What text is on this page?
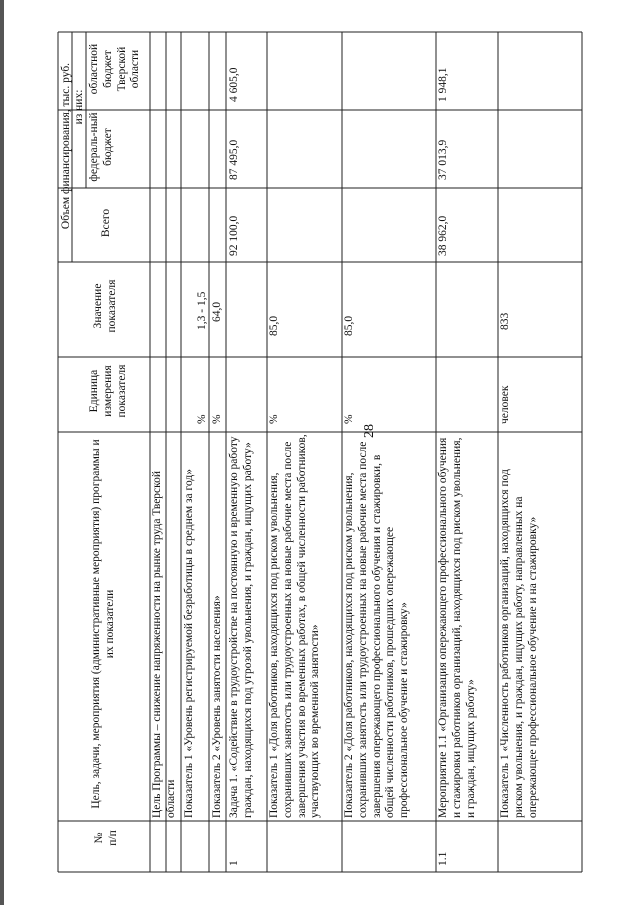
28
№
п/п
Цель, задачи, мероприятия (административные мероприятия) программы и их показатели
Единица измерения показателя
Значение показателя
Объем финансирования, тыс. руб. Всего
из них:
федераль-ный бюджет
областной бюджет Тверской области
Цель Программы – снижение напряженности на рынке труда Тверской области Показатель 1 «Уровень регистрируемой безработицы в среднем за год»
%
1,3 - 1,5
Показатель 2 «Уровень занятости населения»
%
64,0
1
Задача 1. «Содействие в трудоустройстве на постоянную и временную работу граждан, находящихся под угрозой увольнения, и граждан, ищущих работу»
92 100,0
87 495,0
4 605,0
Показатель 1 «Доля работников, находящихся под риском увольнения, сохранивших занятость или трудоустроенных на новые рабочие места после завершения участия во временных работах, в общей численности работников, участвующих во временной занятости»
%
85,0
Показатель 2 «Доля работников, находящихся под риском увольнения, сохранивших занятость или трудоустроенных на новые рабочие места после завершения опережающего профессионального обучения и стажировки, в общей численности работников, прошедших опережающее профессиональное обучение и стажировку»
%
85,0
1.1
Мероприятие 1.1 «Организация опережающего профессионального обучения и стажировки работников организаций, находящихся под риском увольнения, и граждан, ищущих работу»
38 962,0
37 013,9
1 948,1
Показатель 1 «Численность работников организаций, находящихся под риском увольнения, и граждан, ищущих работу, направленных на опережающее профессиональное обучение и на стажировку»
человек
833
